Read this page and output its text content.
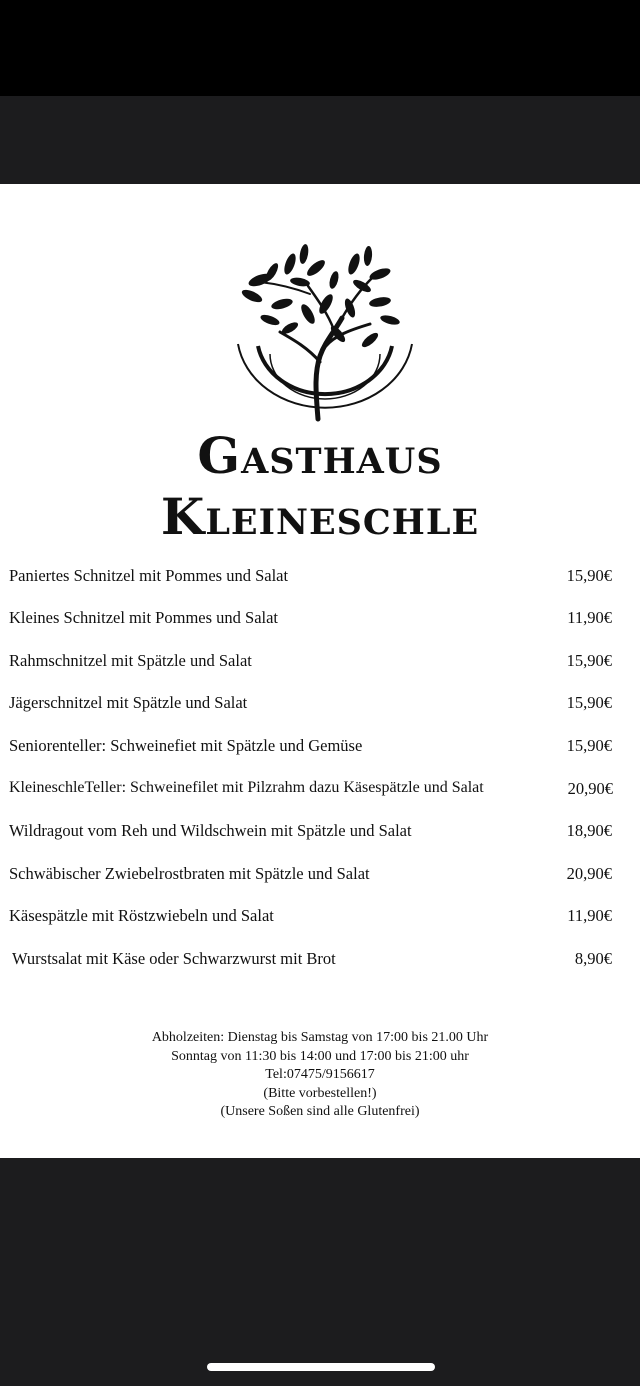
Gasthaus
Kleineschle
Paniertes Schnitzel mit Pommes und Salat	15,90€
Kleines Schnitzel mit Pommes und Salat	11,90€
Rahmschnitzel mit Spätzle und Salat	15,90€
Jägerschnitzel mit Spätzle und Salat	15,90€
Seniorenteller: Schweinefiet mit Spätzle und Gemüse	15,90€
KleineschleTeller: Schweinefilet mit Pilzrahm dazu Käsespätzle und Salat	20,90€
Wildragout vom Reh und Wildschwein mit Spätzle und Salat	18,90€
Schwäbischer Zwiebelrostbraten mit Spätzle und Salat	20,90€
Käsespätzle mit Röstzwiebeln und Salat	11,90€
Wurstsalat mit Käse oder Schwarzwurst mit Brot	8,90€
Abholzeiten: Dienstag bis Samstag von 17:00 bis 21.00 Uhr
Sonntag von 11:30 bis 14:00 und 17:00 bis 21:00 uhr
Tel:07475/9156617
(Bitte vorbestellen!)
(Unsere Soßen sind alle Glutenfrei)
